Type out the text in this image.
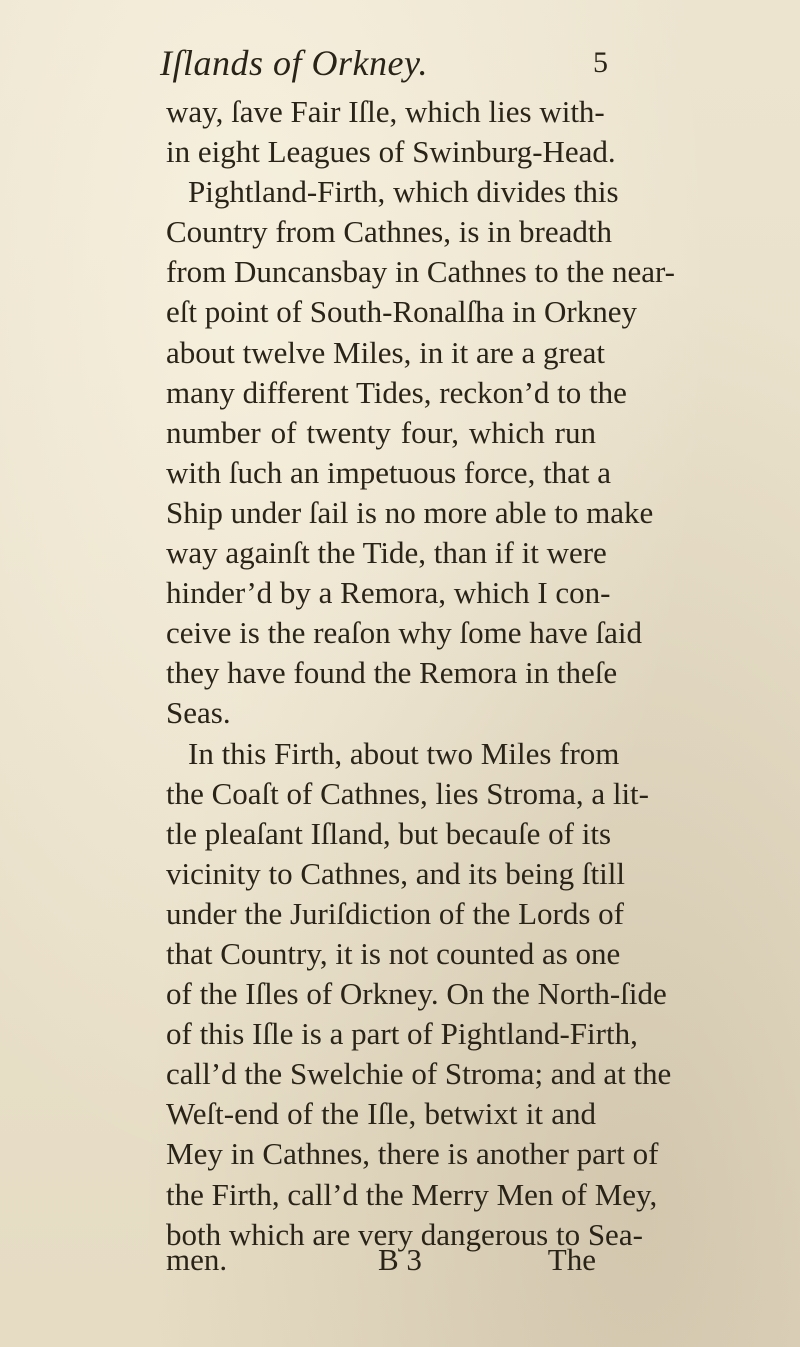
Iſlands of Orkney.	5
way, ſave Fair Iſle, which lies with-
in eight Leagues of Swinburg-Head.
Pightland-Firth, which divides this
Country from Cathnes, is in breadth
from Duncansbay in Cathnes to the near-
eſt point of South-Ronalſha in Orkney
about twelve Miles, in it are a great
many different Tides, reckon’d to the
number of twenty four, which run
with ſuch an impetuous force, that a
Ship under ſail is no more able to make
way againſt the Tide, than if it were
hinder’d by a Remora, which I con-
ceive is the reaſon why ſome have ſaid
they have found the Remora in theſe
Seas.
In this Firth, about two Miles from
the Coaſt of Cathnes, lies Stroma, a lit-
tle pleaſant Iſland, but becauſe of its
vicinity to Cathnes, and its being ſtill
under the Juriſdiction of the Lords of
that Country, it is not counted as one
of the Iſles of Orkney. On the North-ſide
of this Iſle is a part of Pightland-Firth,
call’d the Swelchie of Stroma; and at the
Weſt-end of the Iſle, betwixt it and
Mey in Cathnes, there is another part of
the Firth, call’d the Merry Men of Mey,
both which are very dangerous to Sea-
men.	B 3	The
